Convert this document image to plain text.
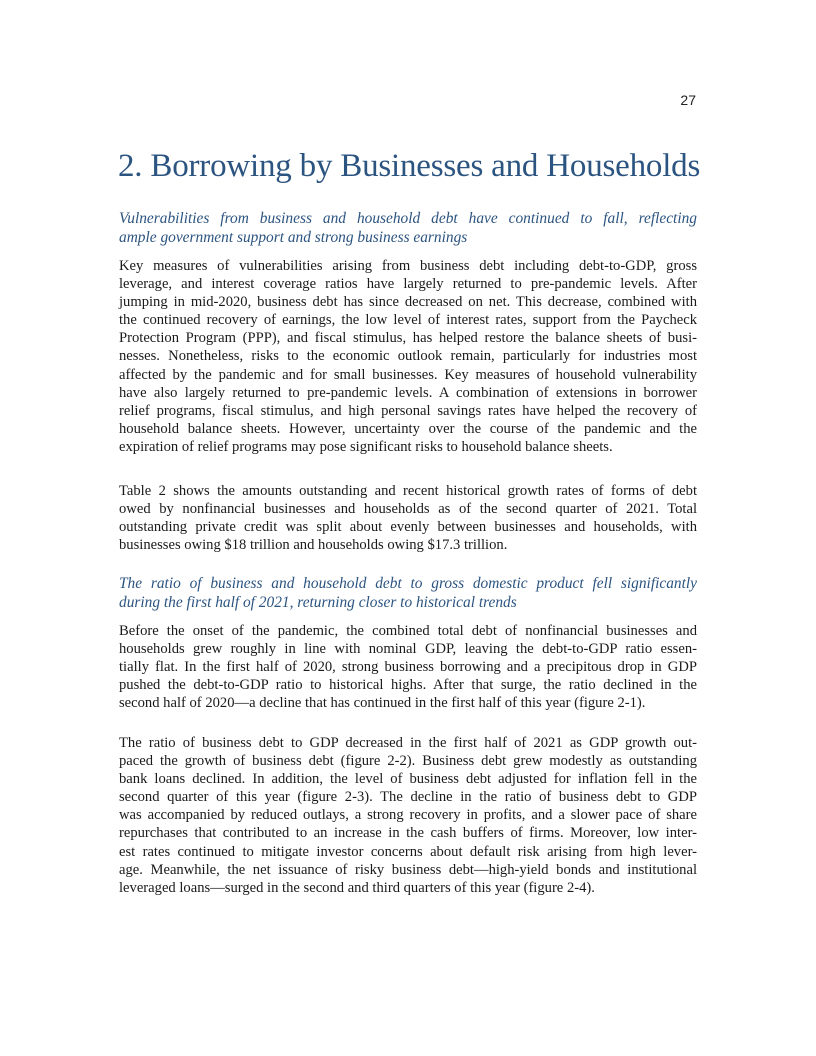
27
2. Borrowing by Businesses and Households
Vulnerabilities from business and household debt have continued to fall, reflecting
ample government support and strong business earnings
Key measures of vulnerabilities arising from business debt including debt-to-GDP, gross
leverage, and interest coverage ratios have largely returned to pre-pandemic levels. After
jumping in mid-2020, business debt has since decreased on net. This decrease, combined with
the continued recovery of earnings, the low level of interest rates, support from the Paycheck
Protection Program (PPP), and fiscal stimulus, has helped restore the balance sheets of busi-
nesses. Nonetheless, risks to the economic outlook remain, particularly for industries most
affected by the pandemic and for small businesses. Key measures of household vulnerability
have also largely returned to pre-pandemic levels. A combination of extensions in borrower
relief programs, fiscal stimulus, and high personal savings rates have helped the recovery of
household balance sheets. However, uncertainty over the course of the pandemic and the
expiration of relief programs may pose significant risks to household balance sheets.
Table 2 shows the amounts outstanding and recent historical growth rates of forms of debt
owed by nonfinancial businesses and households as of the second quarter of 2021. Total
outstanding private credit was split about evenly between businesses and households, with
businesses owing $18 trillion and households owing $17.3 trillion.
The ratio of business and household debt to gross domestic product fell significantly
during the first half of 2021, returning closer to historical trends
Before the onset of the pandemic, the combined total debt of nonfinancial businesses and
households grew roughly in line with nominal GDP, leaving the debt-to-GDP ratio essen-
tially flat. In the first half of 2020, strong business borrowing and a precipitous drop in GDP
pushed the debt-to-GDP ratio to historical highs. After that surge, the ratio declined in the
second half of 2020—a decline that has continued in the first half of this year (figure 2-1).
The ratio of business debt to GDP decreased in the first half of 2021 as GDP growth out-
paced the growth of business debt (figure 2-2). Business debt grew modestly as outstanding
bank loans declined. In addition, the level of business debt adjusted for inflation fell in the
second quarter of this year (figure 2-3). The decline in the ratio of business debt to GDP
was accompanied by reduced outlays, a strong recovery in profits, and a slower pace of share
repurchases that contributed to an increase in the cash buffers of firms. Moreover, low inter-
est rates continued to mitigate investor concerns about default risk arising from high lever-
age. Meanwhile, the net issuance of risky business debt—high-yield bonds and institutional
leveraged loans—surged in the second and third quarters of this year (figure 2-4).
